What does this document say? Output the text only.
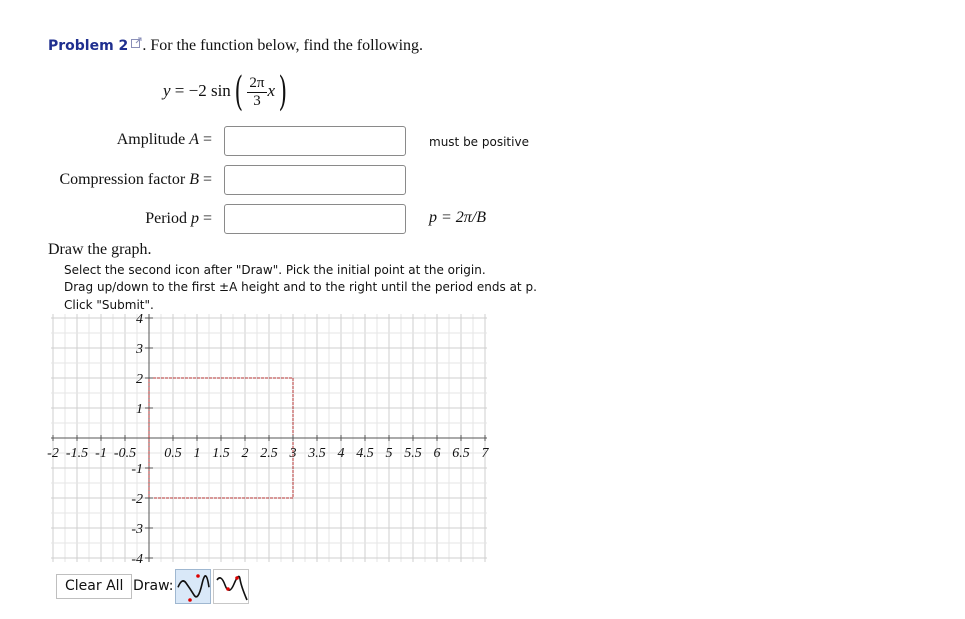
Problem 2 . For the function below, find the following.
y = −2 $\sin( \frac{2\pi}{3} x)$
Amplitude A =	must be positive
Compression factor B =
Period p =	p = 2π/B
Draw the graph.
Select the second icon after "Draw". Pick the initial point at the origin.
Drag up/down to the first ±A height and to the right until the period ends at p.
Click "Submit".
-2 -1.5 -1 -0.5 0.5 1 1.5 2 2.5 3 3.5 4 4.5 5 5.5 6 6.5 7
4
3
2
1
-1
-2
-3
-4
Clear All Draw:
